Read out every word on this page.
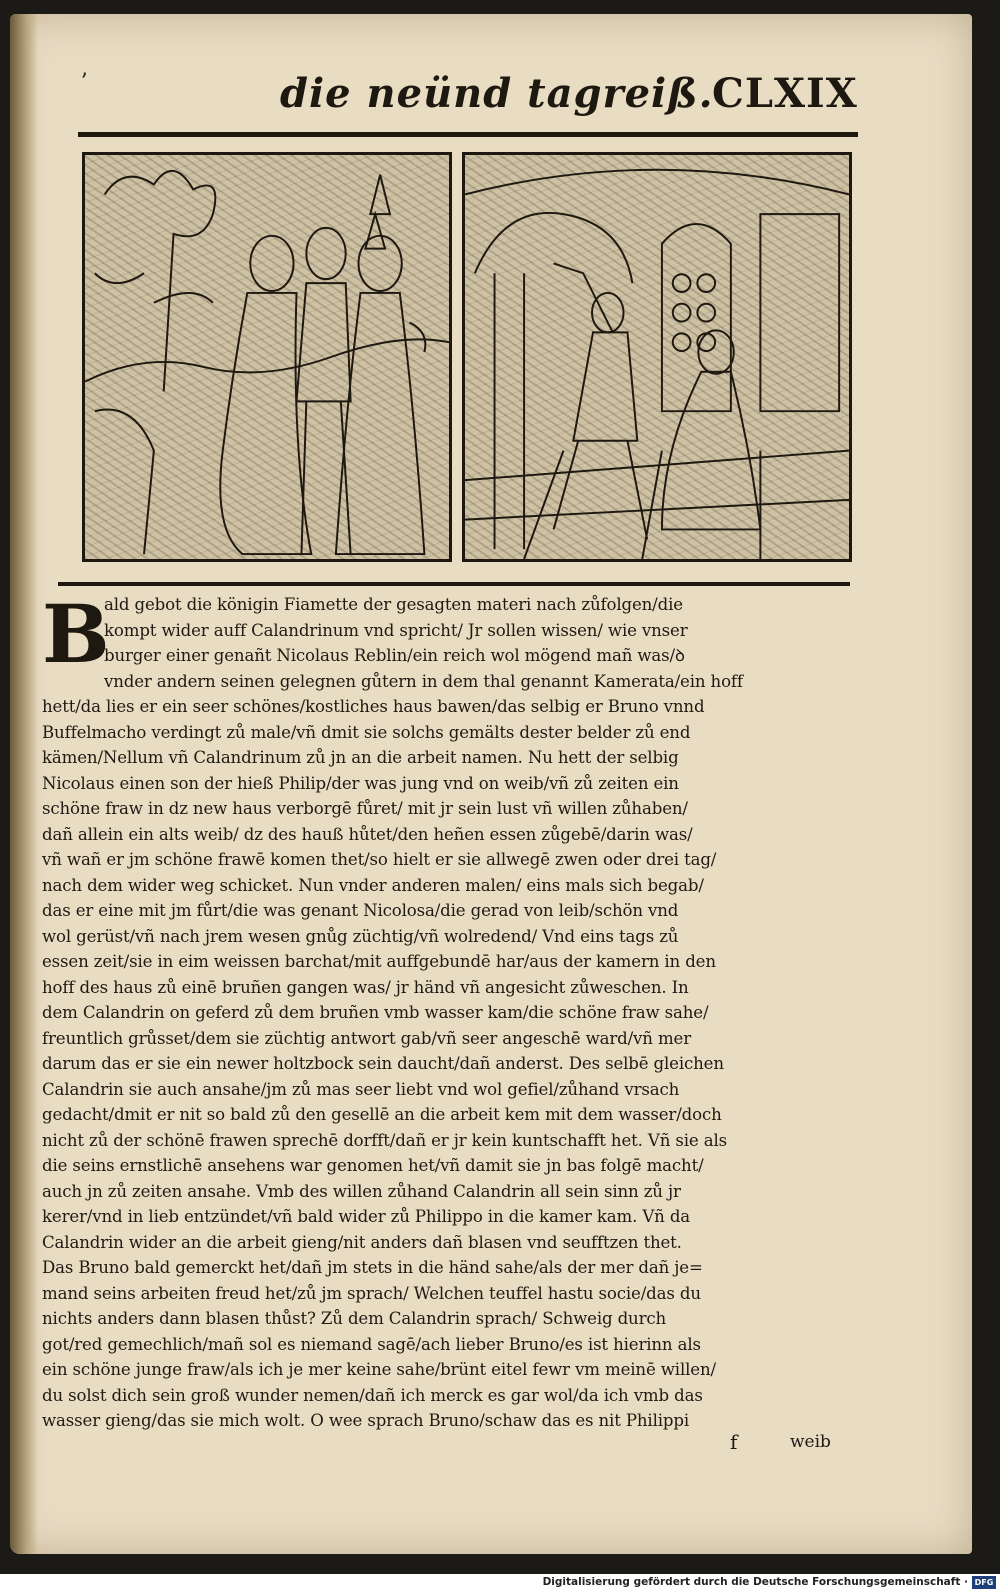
ʼ	die neünd tagreiß.
CLXIX
B

ald gebot die königin Fiamette der gesagten materi nach zůfolgen/die

kompt wider auff Calandrinum vnd spricht/ Jr sollen wissen/ wie vnser

burger einer genañt Nicolaus Reblin/ein reich wol mögend mañ was/ꝺ

vnder andern seinen gelegnen gůtern in dem thal genannt Kamerata/ein hoff

hett/da lies er ein seer schönes/kostliches haus bawen/das selbig er Bruno vnnd

Buffelmacho verdingt zů male/vñ dmit sie solchs gemälts dester belder zů end

kämen/Nellum vñ Calandrinum zů jn an die arbeit namen. Nu hett der selbig

Nicolaus einen son der hieß Philip/der was jung vnd on weib/vñ zů zeiten ein

schöne fraw in dz new haus verborgē fůret/ mit jr sein lust vñ willen zůhaben/

dañ allein ein alts weib/ dz des hauß hůtet/den heñen essen zůgebē/darin was/

vñ wañ er jm schöne frawē komen thet/so hielt er sie allwegē zwen oder drei tag/

nach dem wider weg schicket. Nun vnder anderen malen/ eins mals sich begab/

das er eine mit jm fůrt/die was genant Nicolosa/die gerad von leib/schön vnd

wol gerüst/vñ nach jrem wesen gnůg züchtig/vñ wolredend/ Vnd eins tags zů

essen zeit/sie in eim weissen barchat/mit auffgebundē har/aus der kamern in den

hoff des haus zů einē bruñen gangen was/ jr händ vñ angesicht zůweschen. In

dem Calandrin on geferd zů dem bruñen vmb wasser kam/die schöne fraw sahe/

freuntlich grůsset/dem sie züchtig antwort gab/vñ seer angeschē ward/vñ mer

darum das er sie ein newer holtzbock sein daucht/dañ anderst. Des selbē gleichen

Calandrin sie auch ansahe/jm zů mas seer liebt vnd wol gefiel/zůhand vrsach

gedacht/dmit er nit so bald zů den gesellē an die arbeit kem mit dem wasser/doch

nicht zů der schönē frawen sprechē dorfft/dañ er jr kein kuntschafft het. Vñ sie als

die seins ernstlichē ansehens war genomen het/vñ damit sie jn bas folgē macht/

auch jn zů zeiten ansahe. Vmb des willen zůhand Calandrin all sein sinn zů jr

kerer/vnd in lieb entzündet/vñ bald wider zů Philippo in die kamer kam. Vñ da

Calandrin wider an die arbeit gieng/nit anders dañ blasen vnd seufftzen thet.

Das Bruno bald gemerckt het/dañ jm stets in die händ sahe/als der mer dañ je=

mand seins arbeiten freud het/zů jm sprach/ Welchen teuffel hastu socie/das du

nichts anders dann blasen thůst? Zů dem Calandrin sprach/ Schweig durch

got/red gemechlich/mañ sol es niemand sagē/ach lieber Bruno/es ist hierinn als

ein schöne junge fraw/als ich je mer keine sahe/brünt eitel fewr vm meinē willen/

du solst dich sein groß wunder nemen/dañ ich merck es gar wol/da ich vmb das

wasser gieng/das sie mich wolt. O wee sprach Bruno/schaw das es nit Philippi

f	weib
Digitalisierung gefördert durch die Deutsche Forschungsgemeinschaft · DFG
